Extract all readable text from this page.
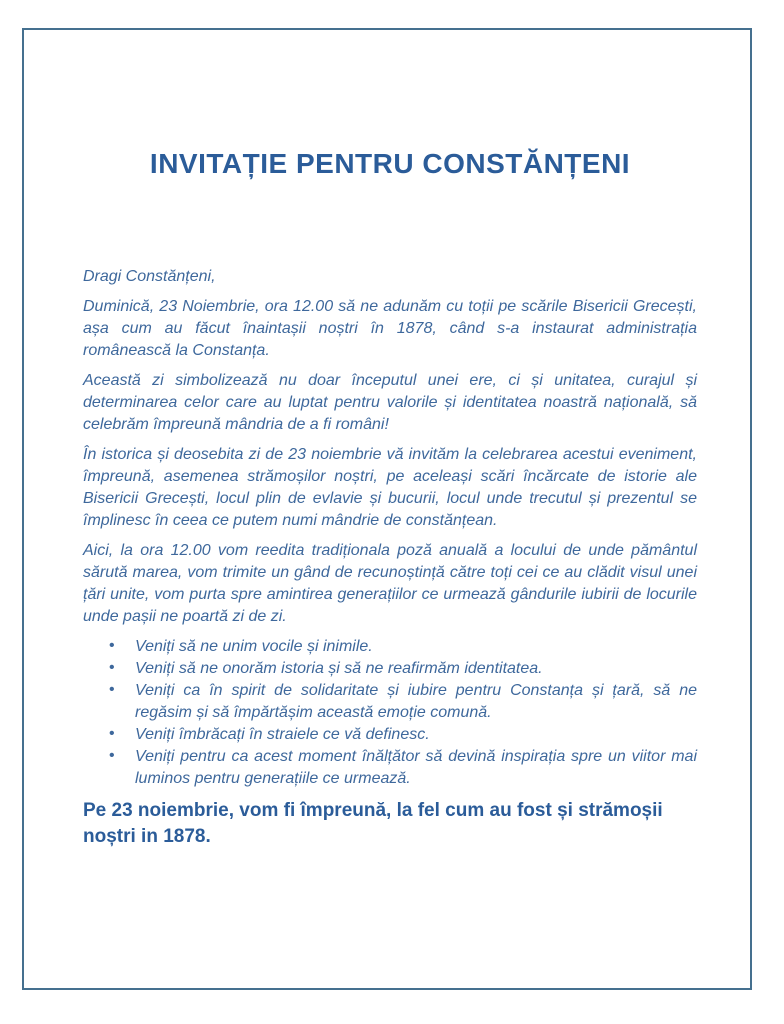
INVITAȚIE PENTRU CONSTĂNȚENI

Dragi Constănțeni,

Duminică, 23 Noiembrie, ora 12.00 să ne adunăm cu toții pe scările Bisericii Grecești, așa cum au făcut înaintașii noștri în 1878, când s-a instaurat administrația românească la Constanța.

Această zi simbolizează nu doar începutul unei ere, ci și unitatea, curajul și determinarea celor care au luptat pentru valorile și identitatea noastră națională, să celebrăm împreună mândria de a fi români!

În istorica și deosebita zi de 23 noiembrie vă invităm la celebrarea acestui eveniment, împreună, asemenea strămoșilor noștri, pe aceleași scări încărcate de istorie ale Bisericii Grecești, locul plin de evlavie și bucurii, locul unde trecutul și prezentul se împlinesc în ceea ce putem numi mândrie de constănțean.

Aici, la ora 12.00 vom reedita tradiționala poză anuală a locului de unde pământul sărută marea, vom trimite un gând de recunoștință către toți cei ce au clădit visul unei țări unite, vom purta spre amintirea generațiilor ce urmează gândurile iubirii de locurile unde pașii ne poartă zi de zi.

• Veniți să ne unim vocile și inimile.
• Veniți să ne onorăm istoria și să ne reafirmăm identitatea.
• Veniți ca în spirit de solidaritate și iubire pentru Constanța și țară, să ne regăsim și să împărtășim această emoție comună.
• Veniți îmbrăcați în straiele ce vă definesc.
• Veniți pentru ca acest moment înălțător să devină inspirația spre un viitor mai luminos pentru generațiile ce urmează.

Pe 23 noiembrie, vom fi împreună, la fel cum au fost și strămoșii
noștri in 1878.
